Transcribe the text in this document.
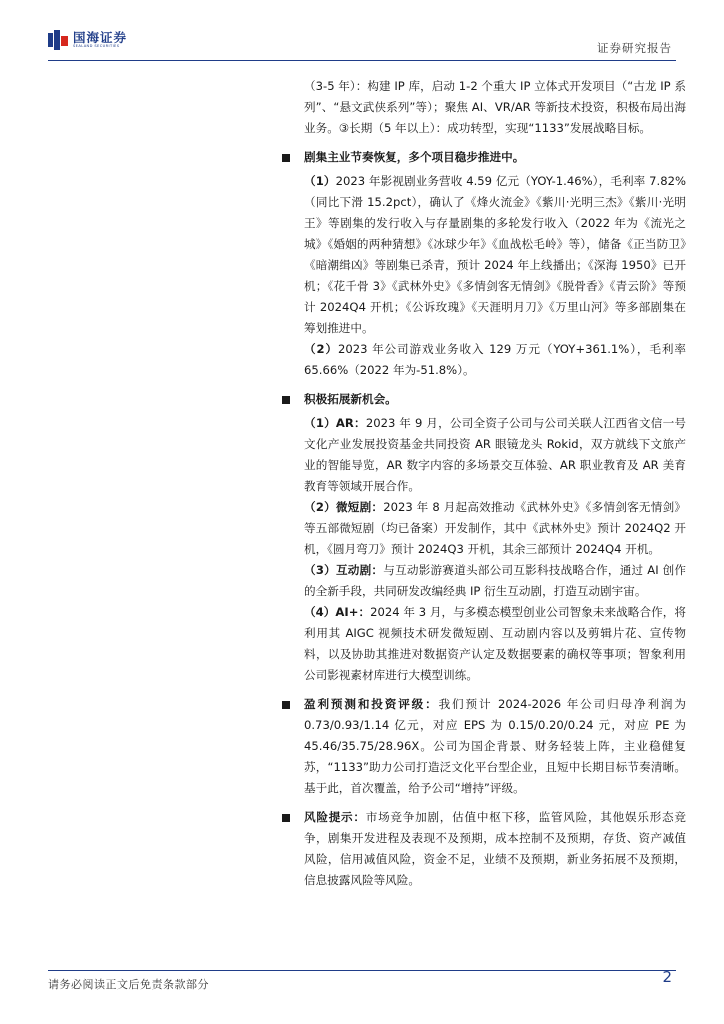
国海证券
SEALAND SECURITIES	证券研究报告

（3-5 年）：构建 IP 库，启动 1-2 个重大 IP 立体式开发项目（“古龙 IP 系列”、“悬文武侠系列”等）；聚焦 AI、VR/AR 等新技术投资，积极布局出海业务。③长期（5 年以上）：成功转型，实现“1133”发展战略目标。

剧集主业节奏恢复，多个项目稳步推进中。

（1）2023 年影视剧业务营收 4.59 亿元（YOY-1.46%），毛利率 7.82%（同比下滑 15.2pct），确认了《烽火流金》《紫川·光明三杰》《紫川·光明王》等剧集的发行收入与存量剧集的多轮发行收入（2022 年为《流光之城》《婚姻的两种猜想》《冰球少年》《血战松毛岭》等），储备《正当防卫》《暗潮缉凶》等剧集已杀青，预计 2024 年上线播出；《深海 1950》已开机；《花千骨 3》《武林外史》《多情剑客无情剑》《脱骨香》《青云阶》等预计 2024Q4 开机；《公诉玫瑰》《天涯明月刀》《万里山河》等多部剧集在筹划推进中。

（2）2023 年公司游戏业务收入 129 万元（YOY+361.1%），毛利率 65.66%（2022 年为-51.8%）。

积极拓展新机会。

（1）AR：2023 年 9 月，公司全资子公司与公司关联人江西省文信一号文化产业发展投资基金共同投资 AR 眼镜龙头 Rokid，双方就线下文旅产业的智能导览，AR 数字内容的多场景交互体验、AR 职业教育及 AR 美育教育等领域开展合作。

（2）微短剧：2023 年 8 月起高效推动《武林外史》《多情剑客无情剑》等五部微短剧（均已备案）开发制作，其中《武林外史》预计 2024Q2 开机，《圆月弯刀》预计 2024Q3 开机，其余三部预计 2024Q4 开机。

（3）互动剧：与互动影游赛道头部公司互影科技战略合作，通过 AI 创作的全新手段，共同研发改编经典 IP 衍生互动剧，打造互动剧宇宙。

（4）AI+：2024 年 3 月，与多模态模型创业公司智象未来战略合作，将利用其 AIGC 视频技术研发微短剧、互动剧内容以及剪辑片花、宣传物料，以及协助其推进对数据资产认定及数据要素的确权等事项；智象利用公司影视素材库进行大模型训练。

盈利预测和投资评级：我们预计 2024-2026 年公司归母净利润为 0.73/0.93/1.14 亿元，对应 EPS 为 0.15/0.20/0.24 元，对应 PE 为 45.46/35.75/28.96X。公司为国企背景、财务轻装上阵，主业稳健复苏，“1133”助力公司打造泛文化平台型企业，且短中长期目标节奏清晰。基于此，首次覆盖，给予公司“增持”评级。

风险提示：市场竞争加剧，估值中枢下移，监管风险，其他娱乐形态竞争，剧集开发进程及表现不及预期，成本控制不及预期，存货、资产减值风险，信用减值风险，资金不足，业绩不及预期，新业务拓展不及预期，信息披露风险等风险。

请务必阅读正文后免责条款部分	2
